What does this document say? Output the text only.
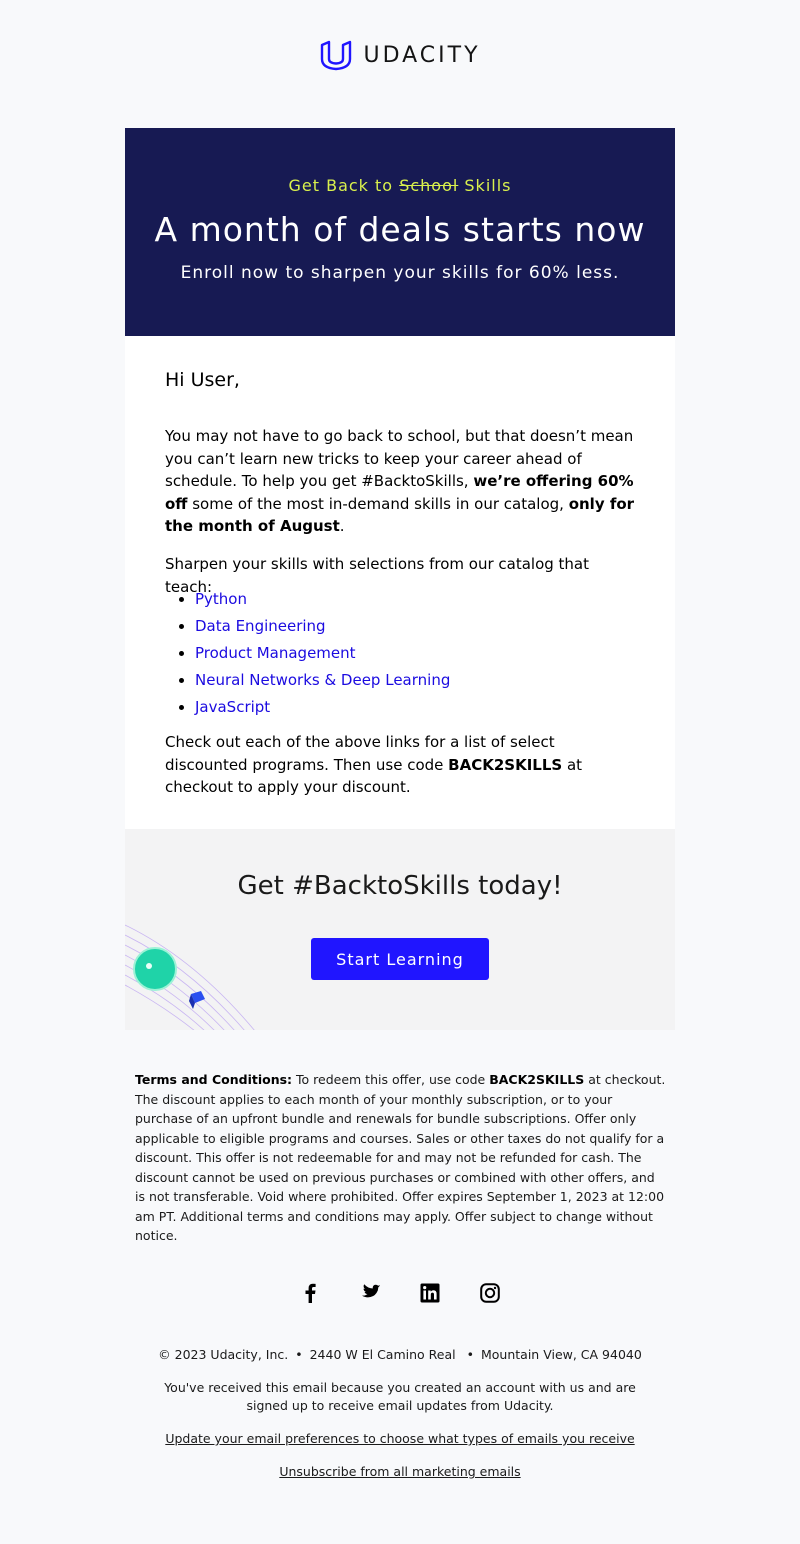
UDACITY
Get Back to School Skills
A month of deals starts now
Enroll now to sharpen your skills for 60% less.
Hi User,

You may not have to go back to school, but that doesn’t mean you can’t learn new tricks to keep your career ahead of schedule. To help you get #BacktoSkills, we’re offering 60% off some of the most in-demand skills in our catalog, only for the month of August.

Sharpen your skills with selections from our catalog that teach:

• Python
• Data Engineering
• Product Management
• Neural Networks & Deep Learning
• JavaScript

Check out each of the above links for a list of select discounted programs. Then use code BACK2SKILLS at checkout to apply your discount.

Get #BacktoSkills today!
Start Learning
Terms and Conditions: To redeem this offer, use code BACK2SKILLS at checkout. The discount applies to each month of your monthly subscription, or to your purchase of an upfront bundle and renewals for bundle subscriptions. Offer only applicable to eligible programs and courses. Sales or other taxes do not qualify for a discount. This offer is not redeemable for and may not be refunded for cash. The discount cannot be used on previous purchases or combined with other offers, and is not transferable. Void where prohibited. Offer expires September 1, 2023 at 12:00 am PT. Additional terms and conditions may apply. Offer subject to change without notice.
© 2023 Udacity, Inc. • 2440 W El Camino Real • Mountain View, CA 94040
You've received this email because you created an account with us and are signed up to receive email updates from Udacity.
Update your email preferences to choose what types of emails you receive
Unsubscribe from all marketing emails
